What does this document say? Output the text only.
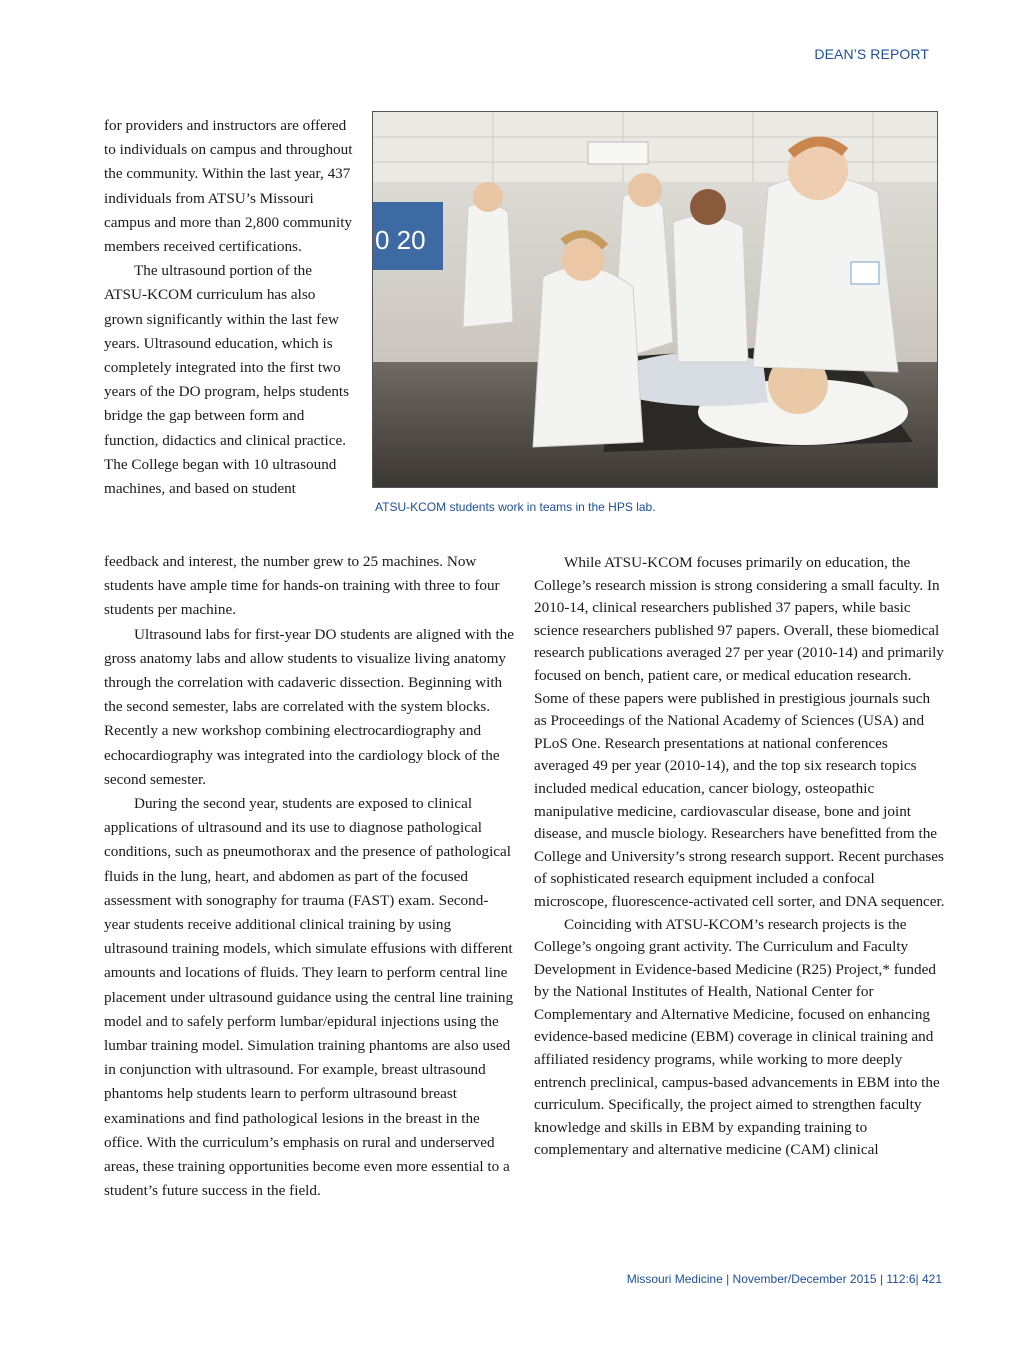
DEAN’S REPORT

for providers and instructors are offered to individuals on campus and throughout the community. Within the last year, 437 individuals from ATSU’s Missouri campus and more than 2,800 community members received certifications.

The ultrasound portion of the ATSU-KCOM curriculum has also grown significantly within the last few years. Ultrasound education, which is completely integrated into the first two years of the DO program, helps students bridge the gap between form and function, didactics and clinical practice. The College began with 10 ultrasound machines, and based on student

0 20
ATSU-KCOM students work in teams in the HPS lab.

feedback and interest, the number grew to 25 machines. Now students have ample time for hands-on training with three to four students per machine.

Ultrasound labs for first-year DO students are aligned with the gross anatomy labs and allow students to visualize living anatomy through the correlation with cadaveric dissection. Beginning with the second semester, labs are correlated with the system blocks. Recently a new workshop combining electrocardiography and echocardiography was integrated into the cardiology block of the second semester.

During the second year, students are exposed to clinical applications of ultrasound and its use to diagnose pathological conditions, such as pneumothorax and the presence of pathological fluids in the lung, heart, and abdomen as part of the focused assessment with sonography for trauma (FAST) exam. Second-year students receive additional clinical training by using ultrasound training models, which simulate effusions with different amounts and locations of fluids. They learn to perform central line placement under ultrasound guidance using the central line training model and to safely perform lumbar/epidural injections using the lumbar training model. Simulation training phantoms are also used in conjunction with ultrasound. For example, breast ultrasound phantoms help students learn to perform ultrasound breast examinations and find pathological lesions in the breast in the office. With the curriculum’s emphasis on rural and underserved areas, these training opportunities become even more essential to a student’s future success in the field.

While ATSU-KCOM focuses primarily on education, the College’s research mission is strong considering a small faculty. In 2010-14, clinical researchers published 37 papers, while basic science researchers published 97 papers. Overall, these biomedical research publications averaged 27 per year (2010-14) and primarily focused on bench, patient care, or medical education research. Some of these papers were published in prestigious journals such as Proceedings of the National Academy of Sciences (USA) and PLoS One. Research presentations at national conferences averaged 49 per year (2010-14), and the top six research topics included medical education, cancer biology, osteopathic manipulative medicine, cardiovascular disease, bone and joint disease, and muscle biology. Researchers have benefitted from the College and University’s strong research support. Recent purchases of sophisticated research equipment included a confocal microscope, fluorescence-activated cell sorter, and DNA sequencer.

Coinciding with ATSU-KCOM’s research projects is the College’s ongoing grant activity. The Curriculum and Faculty Development in Evidence-based Medicine (R25) Project,* funded by the National Institutes of Health, National Center for Complementary and Alternative Medicine, focused on enhancing evidence-based medicine (EBM) coverage in clinical training and affiliated residency programs, while working to more deeply entrench preclinical, campus-based advancements in EBM into the curriculum. Specifically, the project aimed to strengthen faculty knowledge and skills in EBM by expanding training to complementary and alternative medicine (CAM) clinical

Missouri Medicine | November/December 2015 | 112:6| 421
